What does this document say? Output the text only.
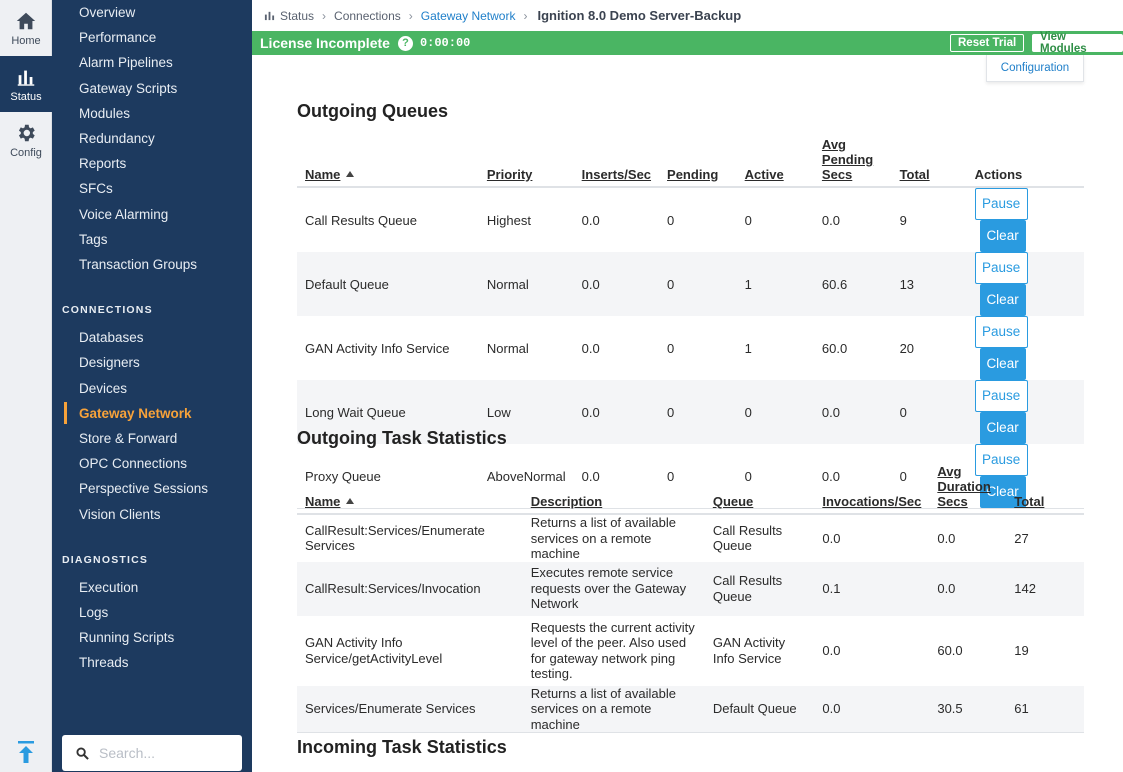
Home
Status
Config
Overview
Performance
Alarm Pipelines
Gateway Scripts
Modules
Redundancy
Reports
SFCs
Voice Alarming
Tags
Transaction Groups
CONNECTIONS
Databases
Designers
Devices
Gateway Network
Store & Forward
OPC Connections
Perspective Sessions
Vision Clients
DIAGNOSTICS
Execution
Logs
Running Scripts
Threads
Search...
Status › Connections › Gateway Network › Ignition 8.0 Demo Server-Backup
License Incomplete	? 0:00:00	Reset Trial	View Modules
Configuration
Outgoing Queues
Name	Priority	Inserts/Sec	Pending	Active	Avg Pending Secs	Total	Actions
Call Results Queue	Highest	0.0	0	0	0.0	9	PauseClear
Default Queue	Normal	0.0	0	1	60.6	13	PauseClear
GAN Activity Info Service	Normal	0.0	0	1	60.0	20	PauseClear
Long Wait Queue	Low	0.0	0	0	0.0	0	PauseClear
Proxy Queue	AboveNormal	0.0	0	0	0.0	0	PauseClear
Outgoing Task Statistics
Name	Description	Queue	Invocations/Sec	Avg Duration Secs	Total
CallResult:Services/Enumerate Services	Returns a list of available services on a remote machine	Call Results Queue	0.0	0.0	27
CallResult:Services/Invocation	Executes remote service requests over the Gateway Network	Call Results Queue	0.1	0.0	142
GAN Activity Info Service/getActivityLevel	Requests the current activity level of the peer. Also used for gateway network ping testing.	GAN Activity Info Service	0.0	60.0	19
Services/Enumerate Services	Returns a list of available services on a remote machine	Default Queue	0.0	30.5	61
Incoming Task Statistics
